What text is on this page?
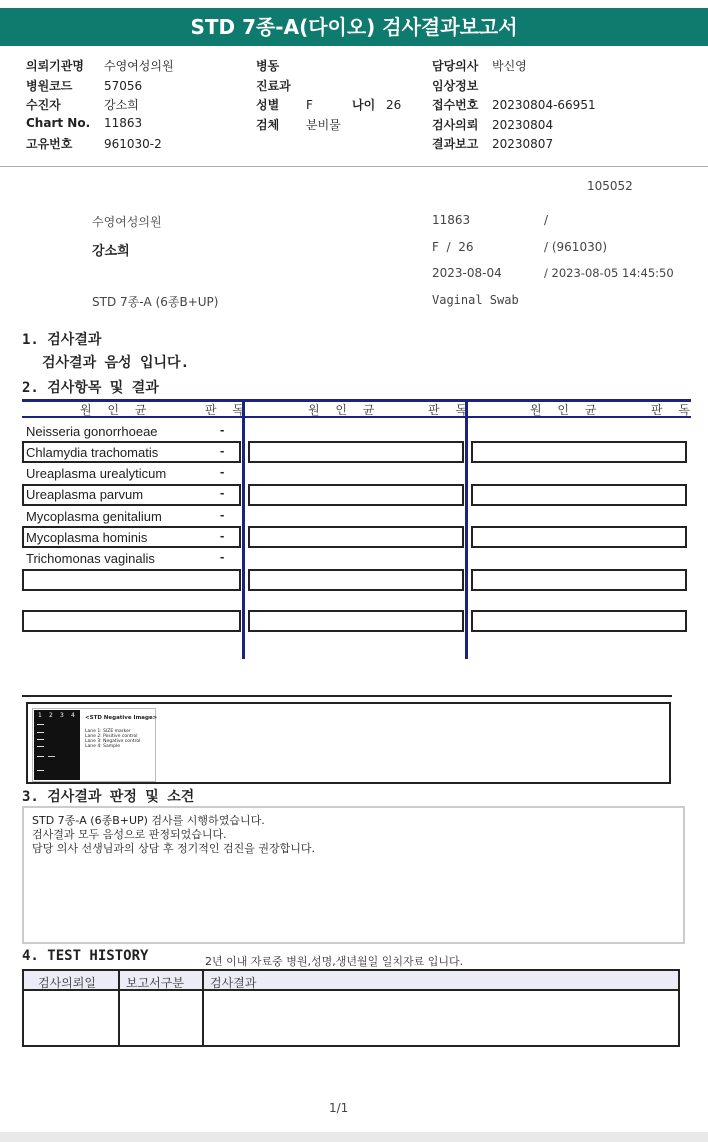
STD 7종-A(다이오) 검사결과보고서
의뢰기관명 수영여성의원
병원코드	57056
수진자	강소희
Chart No. 11863
고유번호	961030-2
병동
진료과
성별 F	나이 26
검체 분비물
담당의사 박신영
임상정보
접수번호 20230804-66951
검사의뢰 20230804
결과보고 20230807
105052
수영여성의원	11863	/
강소희	F  /  26	/ (961030)
2023-08-04	/ 2023-08-05 14:45:50
STD 7종-A (6종B+UP)	Vaginal Swab
1. 검사결과
검사결과 음성 입니다.
2. 검사항목 및 결과
원 인 균	판 독	원 인 균	판 독	원 인 균	판 독
Neisseria gonorrhoeae	-
Chlamydia trachomatis	-
Ureaplasma urealyticum	-
Ureaplasma parvum	-
Mycoplasma genitalium	-
Mycoplasma hominis	-
Trichomonas vaginalis	-
1 2 3 4 <STD Negative Image>
Lane 1: SIZE marker
Lane 2: Positive control
Lane 3: Negative control
Lane 4: Sample
3. 검사결과 판정 및 소견
STD 7종-A (6종B+UP) 검사를 시행하였습니다.
검사결과 모두 음성으로 판정되었습니다.
담당 의사 선생님과의 상담 후 정기적인 검진을 권장합니다.
4. TEST HISTORY	2년 이내 자료중 병원,성명,생년월일 일치자료 입니다.
검사의뢰일	보고서구분 검사결과
1/1
